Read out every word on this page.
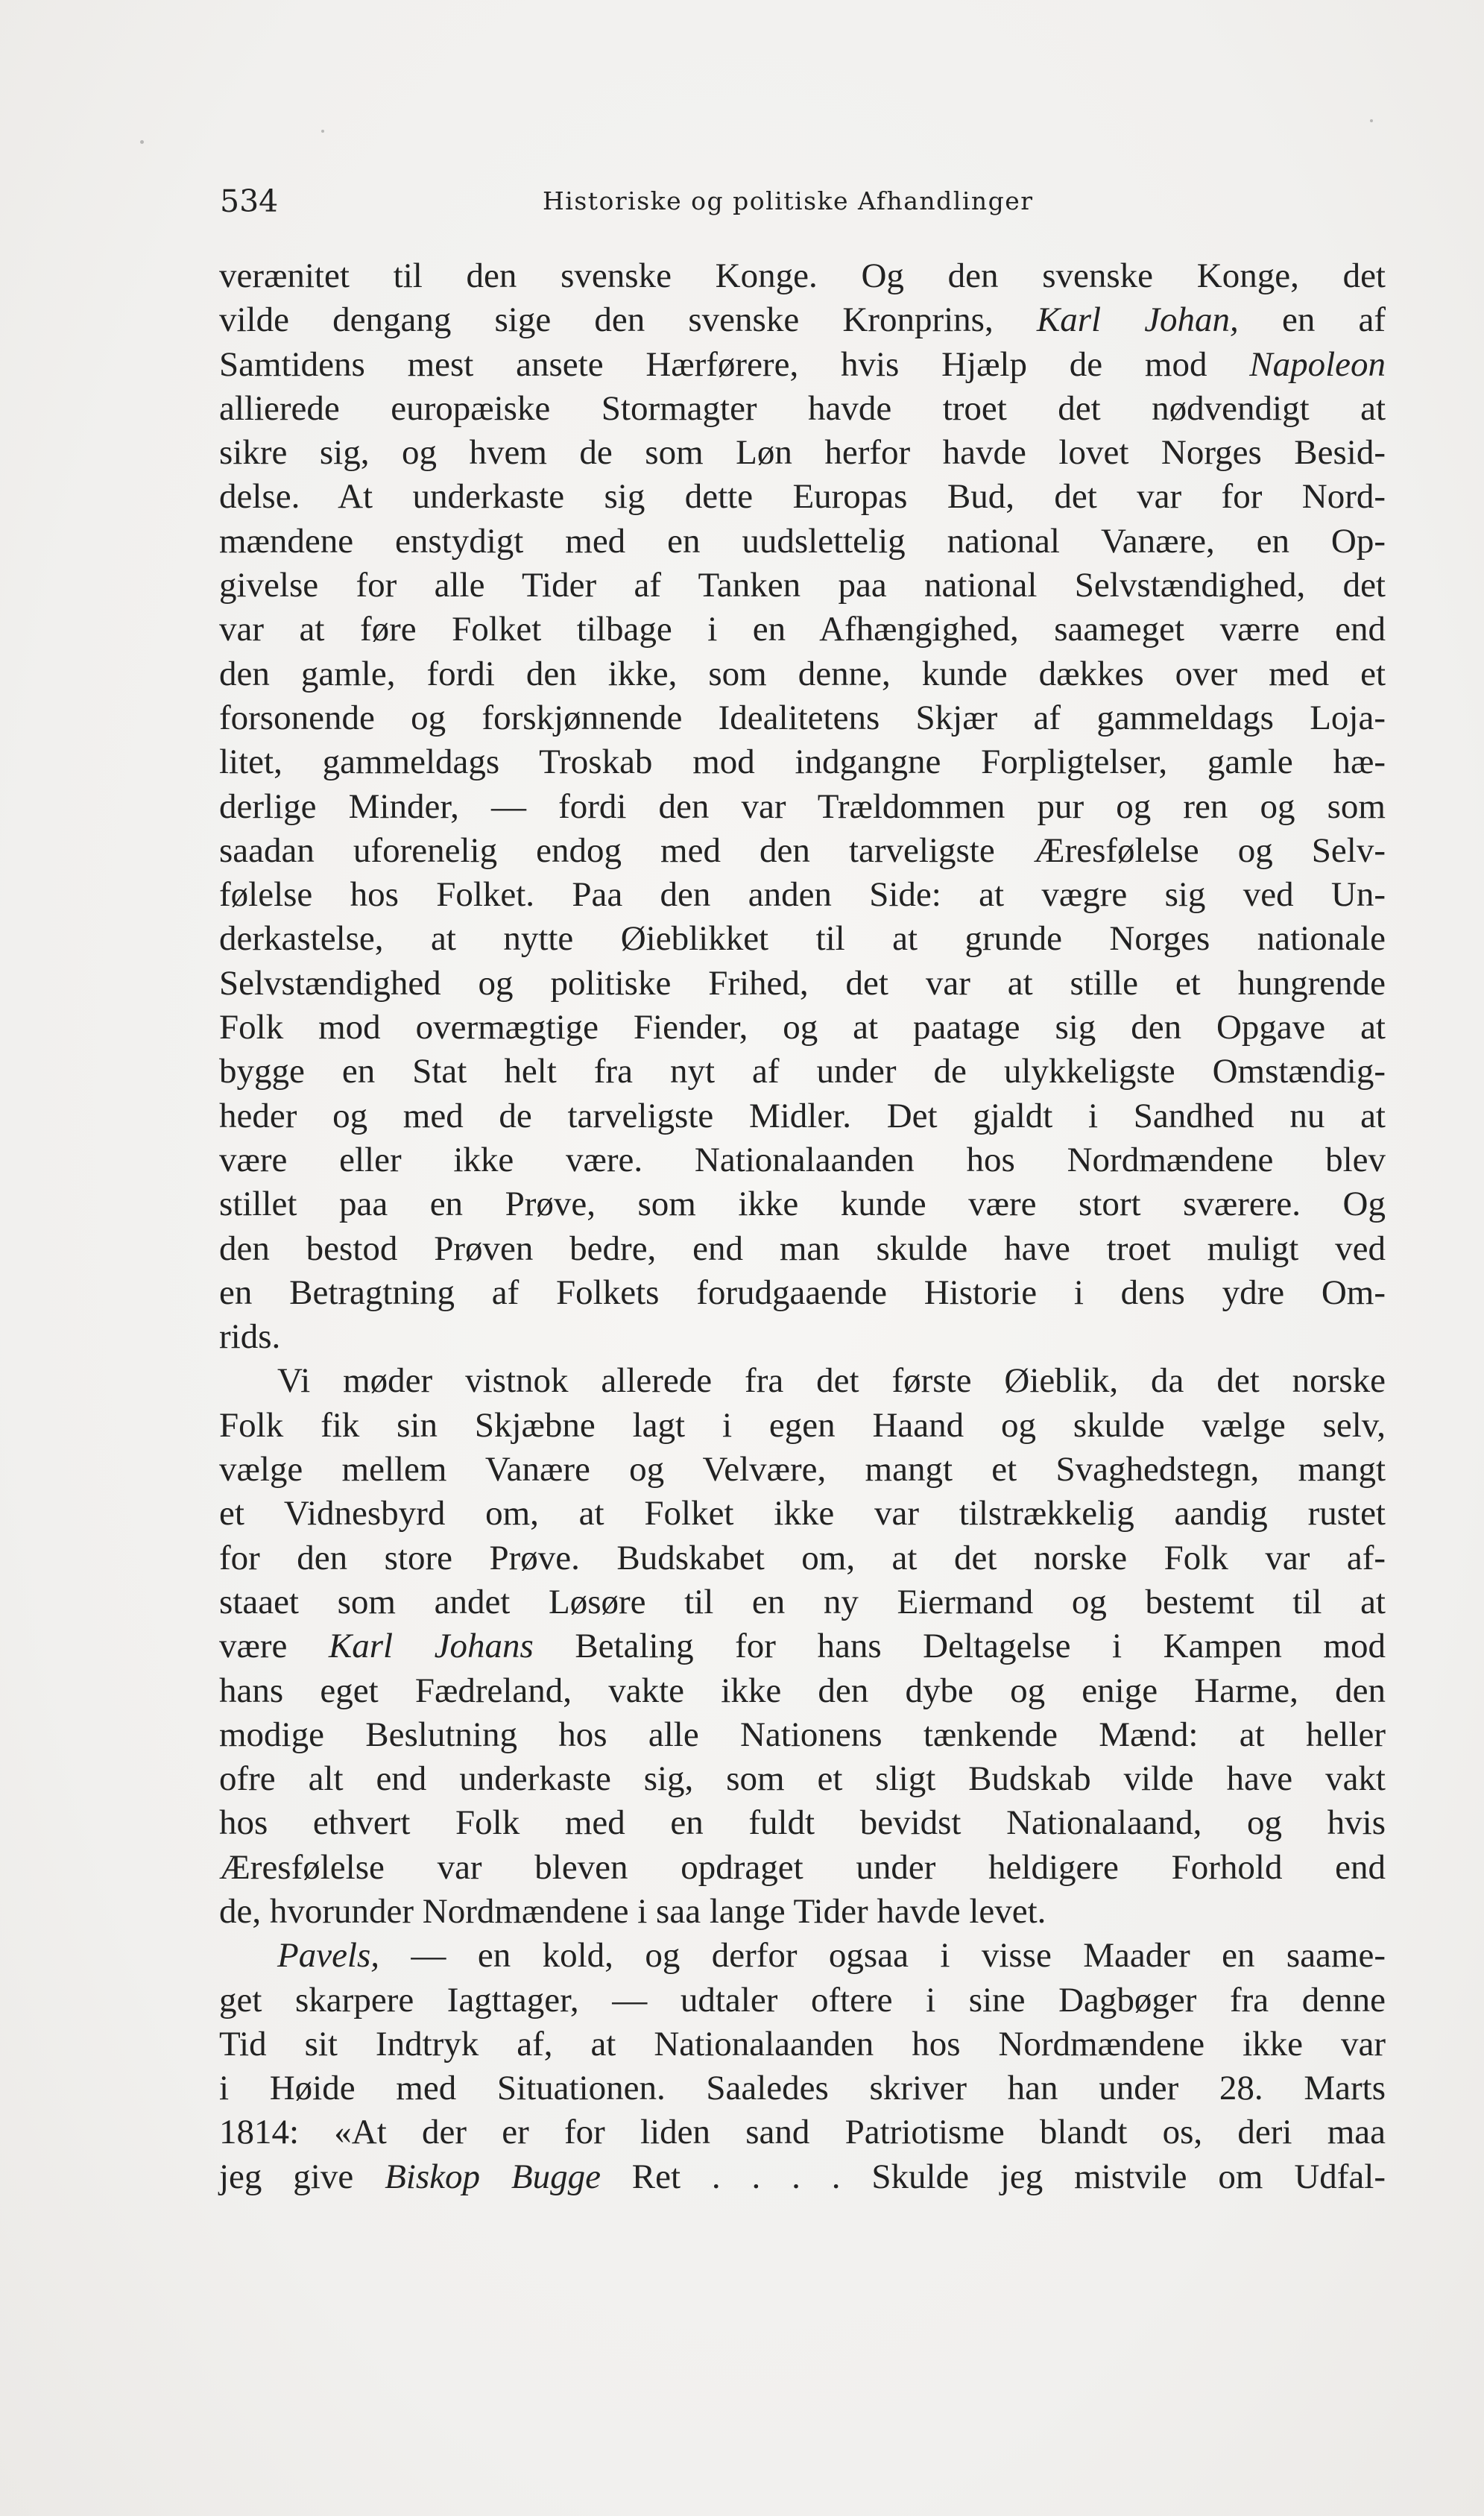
534	Historiske og politiske Afhandlinger
verænitet til den svenske Konge. Og den svenske Konge, det
vilde dengang sige den svenske Kronprins, Karl Johan, en af
Samtidens mest ansete Hærførere, hvis Hjælp de mod Napoleon
allierede europæiske Stormagter havde troet det nødvendigt at
sikre sig, og hvem de som Løn herfor havde lovet Norges Besid-
delse. At underkaste sig dette Europas Bud, det var for Nord-
mændene enstydigt med en uudslettelig national Vanære, en Op-
givelse for alle Tider af Tanken paa national Selvstændighed, det
var at føre Folket tilbage i en Afhængighed, saameget værre end
den gamle, fordi den ikke, som denne, kunde dækkes over med et
forsonende og forskjønnende Idealitetens Skjær af gammeldags Loja-
litet, gammeldags Troskab mod indgangne Forpligtelser, gamle hæ-
derlige Minder, — fordi den var Trældommen pur og ren og som
saadan uforenelig endog med den tarveligste Æresfølelse og Selv-
følelse hos Folket. Paa den anden Side: at vægre sig ved Un-
derkastelse, at nytte Øieblikket til at grunde Norges nationale
Selvstændighed og politiske Frihed, det var at stille et hungrende
Folk mod overmægtige Fiender, og at paatage sig den Opgave at
bygge en Stat helt fra nyt af under de ulykkeligste Omstændig-
heder og med de tarveligste Midler. Det gjaldt i Sandhed nu at
være eller ikke være. Nationalaanden hos Nordmændene blev
stillet paa en Prøve, som ikke kunde være stort sværere. Og
den bestod Prøven bedre, end man skulde have troet muligt ved
en Betragtning af Folkets forudgaaende Historie i dens ydre Om-
rids.
Vi møder vistnok allerede fra det første Øieblik, da det norske
Folk fik sin Skjæbne lagt i egen Haand og skulde vælge selv,
vælge mellem Vanære og Velvære, mangt et Svaghedstegn, mangt
et Vidnesbyrd om, at Folket ikke var tilstrækkelig aandig rustet
for den store Prøve. Budskabet om, at det norske Folk var af-
staaet som andet Løsøre til en ny Eiermand og bestemt til at
være Karl Johans Betaling for hans Deltagelse i Kampen mod
hans eget Fædreland, vakte ikke den dybe og enige Harme, den
modige Beslutning hos alle Nationens tænkende Mænd: at heller
ofre alt end underkaste sig, som et sligt Budskab vilde have vakt
hos ethvert Folk med en fuldt bevidst Nationalaand, og hvis
Æresfølelse var bleven opdraget under heldigere Forhold end
de, hvorunder Nordmændene i saa lange Tider havde levet.
Pavels, — en kold, og derfor ogsaa i visse Maader en saame-
get skarpere Iagttager, — udtaler oftere i sine Dagbøger fra denne
Tid sit Indtryk af, at Nationalaanden hos Nordmændene ikke var
i Høide med Situationen. Saaledes skriver han under 28. Marts
1814: «At der er for liden sand Patriotisme blandt os, deri maa
jeg give Biskop Bugge Ret . . . . Skulde jeg mistvile om Udfal-
